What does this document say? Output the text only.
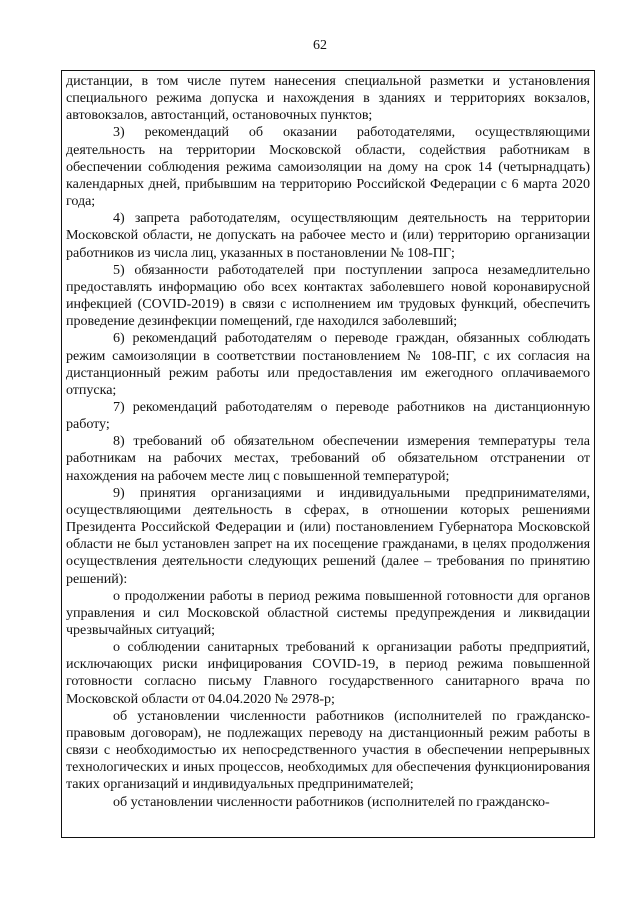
62

дистанции, в том числе путем нанесения специальной разметки и установления специального режима допуска и нахождения в зданиях и территориях вокзалов, автовокзалов, автостанций, остановочных пунктов;

3) рекомендаций об оказании работодателями, осуществляющими деятельность на территории Московской области, содействия работникам в обеспечении соблюдения режима самоизоляции на дому на срок 14 (четырнадцать) календарных дней, прибывшим на территорию Российской Федерации с 6 марта 2020 года;

4) запрета работодателям, осуществляющим деятельность на территории Московской области, не допускать на рабочее место и (или) территорию организации работников из числа лиц, указанных в постановлении № 108-ПГ;

5) обязанности работодателей при поступлении запроса незамедлительно предоставлять информацию обо всех контактах заболевшего новой коронавирусной инфекцией (COVID-2019) в связи с исполнением им трудовых функций, обеспечить проведение дезинфекции помещений, где находился заболевший;

6) рекомендаций работодателям о переводе граждан, обязанных соблюдать режим самоизоляции в соответствии постановлением № 108-ПГ, с их согласия на дистанционный режим работы или предоставления им ежегодного оплачиваемого отпуска;

7) рекомендаций работодателям о переводе работников на дистанционную работу;

8) требований об обязательном обеспечении измерения температуры тела работникам на рабочих местах, требований об обязательном отстранении от нахождения на рабочем месте лиц с повышенной температурой;

9) принятия организациями и индивидуальными предпринимателями, осуществляющими деятельность в сферах, в отношении которых решениями Президента Российской Федерации и (или) постановлением Губернатора Московской области не был установлен запрет на их посещение гражданами, в целях продолжения осуществления деятельности следующих решений (далее – требования по принятию решений):

о продолжении работы в период режима повышенной готовности для органов управления и сил Московской областной системы предупреждения и ликвидации чрезвычайных ситуаций;

о соблюдении санитарных требований к организации работы предприятий, исключающих риски инфицирования COVID-19, в период режима повышенной готовности согласно письму Главного государственного санитарного врача по Московской области от 04.04.2020 № 2978-р;

об установлении численности работников (исполнителей по гражданско-правовым договорам), не подлежащих переводу на дистанционный режим работы в связи с необходимостью их непосредственного участия в обеспечении непрерывных технологических и иных процессов, необходимых для обеспечения функционирования таких организаций и индивидуальных предпринимателей;

об установлении численности работников (исполнителей по гражданско-
